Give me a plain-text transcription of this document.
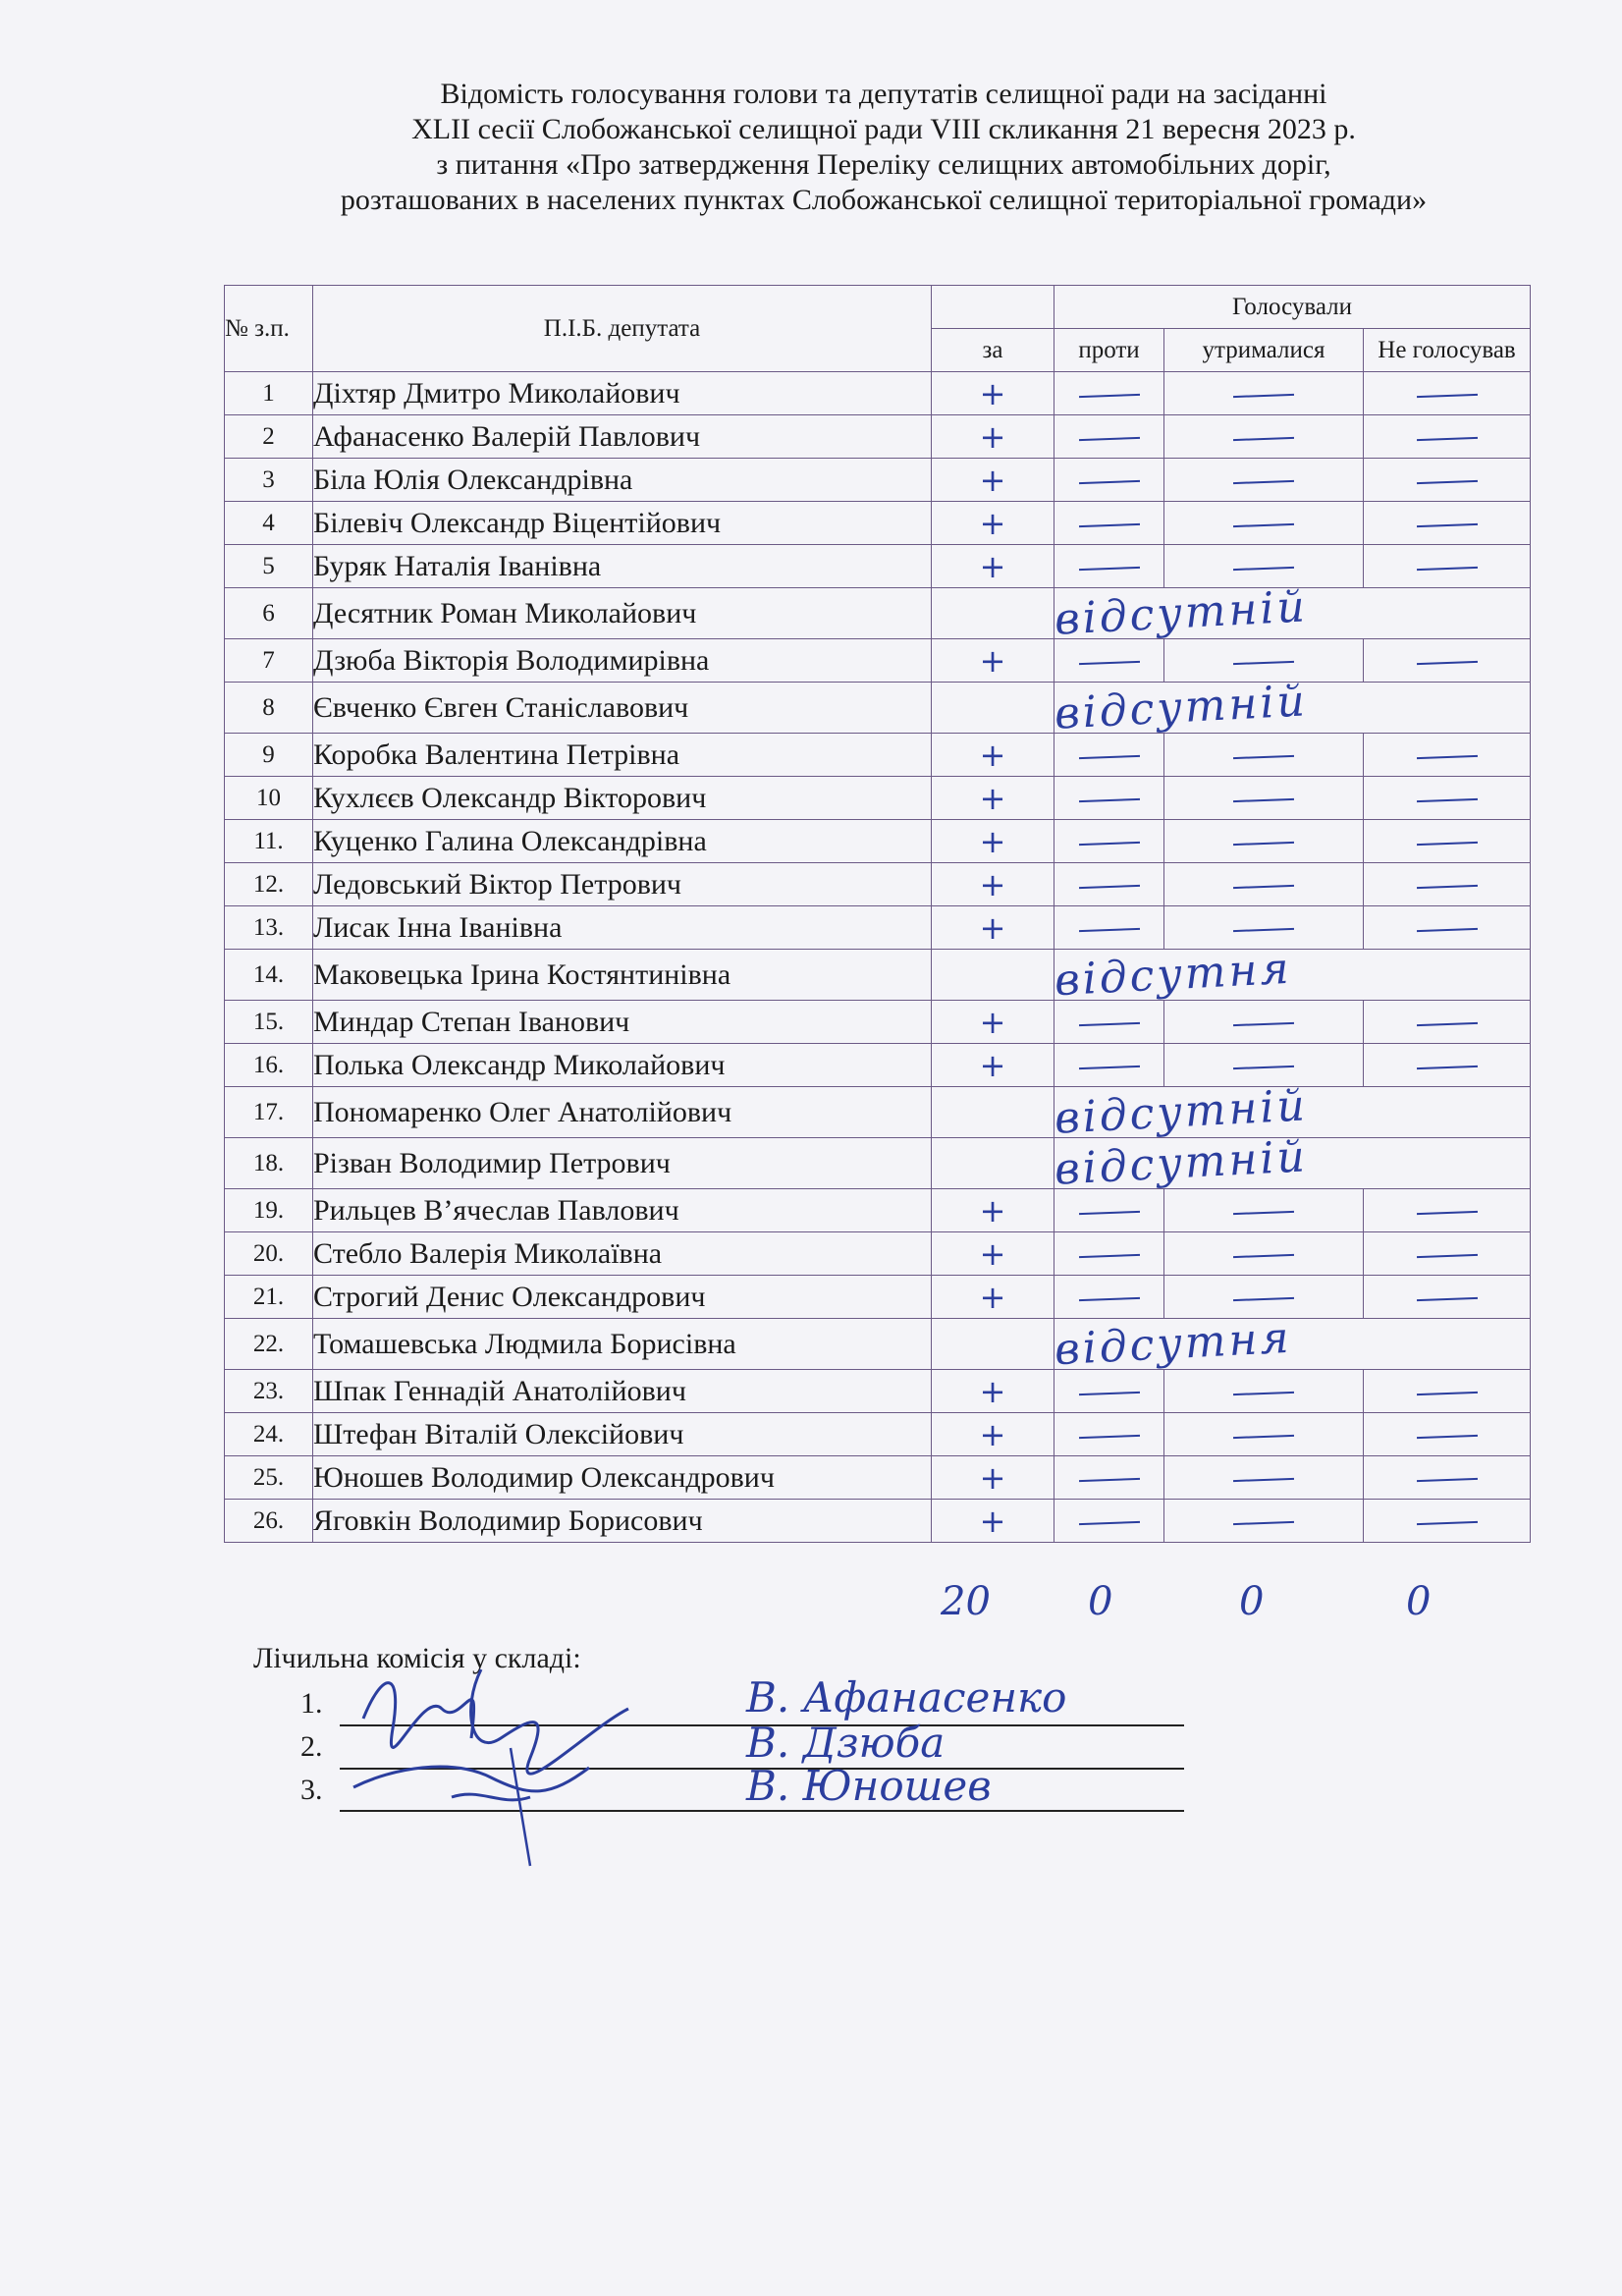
Відомість голосування голови та депутатів селищної ради на засіданні
XLII сесії Слобожанської селищної ради VIII скликання 21 вересня 2023 р.
з питання «Про затвердження Переліку селищних автомобільних доріг,
розташованих в населених пунктах Слобожанської селищної територіальної громади»
№ з.п.	П.І.Б. депутата		Голосували		
		за	проти	утрималися	Не голосував
1	Діхтяр Дмитро Миколайович	+			
2	Афанасенко Валерій Павлович	+			
3	Біла Юлія Олександрівна	+			
4	Білевіч Олександр Віцентійович	+			
5	Буряк Наталія Іванівна	+			
6	Десятник Роман Миколайович		відсутній		
7	Дзюба Вікторія Володимирівна	+			
8	Євченко Євген Станіславович		відсутній		
9	Коробка Валентина Петрівна	+			
10	Кухлєєв Олександр Вікторович	+			
11.	Куценко Галина Олександрівна	+			
12.	Ледовський Віктор Петрович	+			
13.	Лисак Інна Іванівна	+			
14.	Маковецька Ірина Костянтинівна		відсутня		
15.	Миндар Степан Іванович	+			
16.	Полька Олександр Миколайович	+			
17.	Пономаренко Олег Анатолійович		відсутній		
18.	Різван Володимир Петрович		відсутній		
19.	Рильцев В’ячеслав Павлович	+			
20.	Стебло Валерія Миколаївна	+			
21.	Строгий Денис Олександрович	+			
22.	Томашевська Людмила Борисівна		відсутня		
23.	Шпак Геннадій Анатолійович	+			
24.	Штефан Віталій Олексійович	+			
25.	Юношев Володимир Олександрович	+			
26.	Яговкін Володимир Борисович	+			
20 0	0	0
Лічильна комісія у складі:
1.	В. Афанасенко
2.	В. Дзюба
3.	В. Юношев
